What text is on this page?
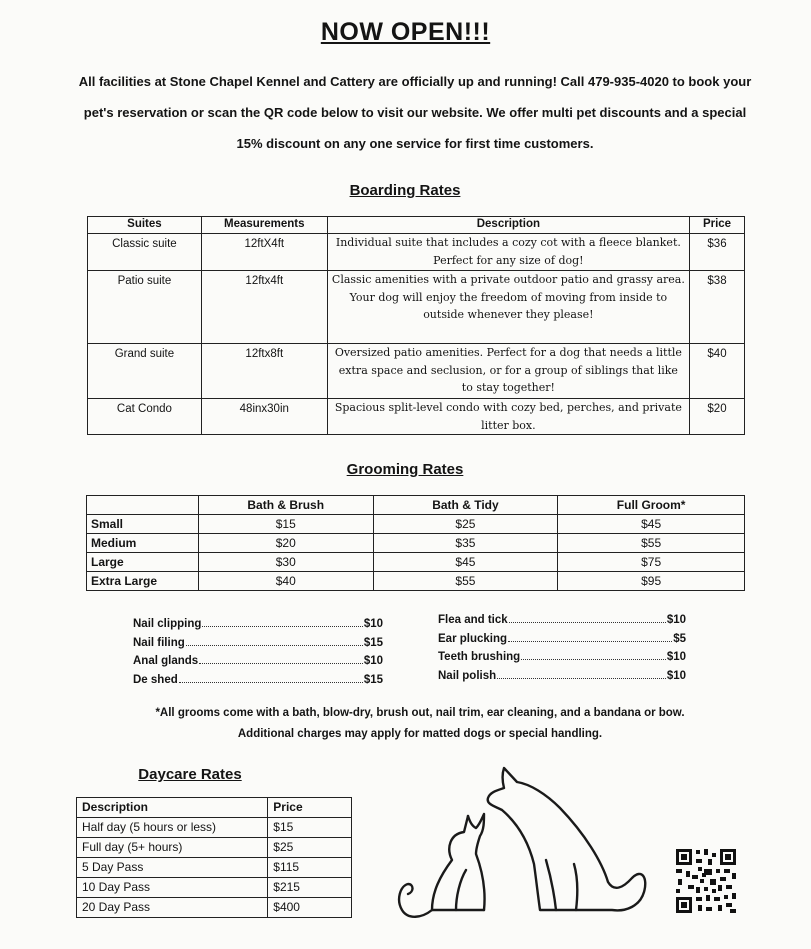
NOW OPEN!!!
All facilities at Stone Chapel Kennel and Cattery are officially up and running! Call 479-935-4020 to book your pet's reservation or scan the QR code below to visit our website. We offer multi pet discounts and a special 15% discount on any one service for first time customers.
Boarding Rates
Suites	Measurements	Description	Price
Classic suite	12ftX4ft	Individual suite that includes a cozy cot with a fleece blanket. Perfect for any size of dog!	$36
Patio suite	12ftx4ft	Classic amenities with a private outdoor patio and grassy area. Your dog will enjoy the freedom of moving from inside to outside whenever they please!	$38
Grand suite	12ftx8ft	Oversized patio amenities. Perfect for a dog that needs a little extra space and seclusion, or for a group of siblings that like to stay together!	$40
Cat Condo	48inx30in	Spacious split-level condo with cozy bed, perches, and private litter box.	$20
Grooming Rates
	Bath & Brush	Bath & Tidy	Full Groom*
Small	$15	$25	$45
Medium	$20	$35	$55
Large	$30	$45	$75
Extra Large	$40	$55	$95
Nail clipping	$10
Nail filing	$15
Anal glands	$10
De shed	$15
Flea and tick	$10
Ear plucking	$5
Teeth brushing	$10
Nail polish	$10
*All grooms come with a bath, blow-dry, brush out, nail trim, ear cleaning, and a bandana or bow.
Additional charges may apply for matted dogs or special handling.
Daycare Rates
Description	Price
Half day (5 hours or less)	$15
Full day (5+ hours)	$25
5 Day Pass	$115
10 Day Pass	$215
20 Day Pass	$400
